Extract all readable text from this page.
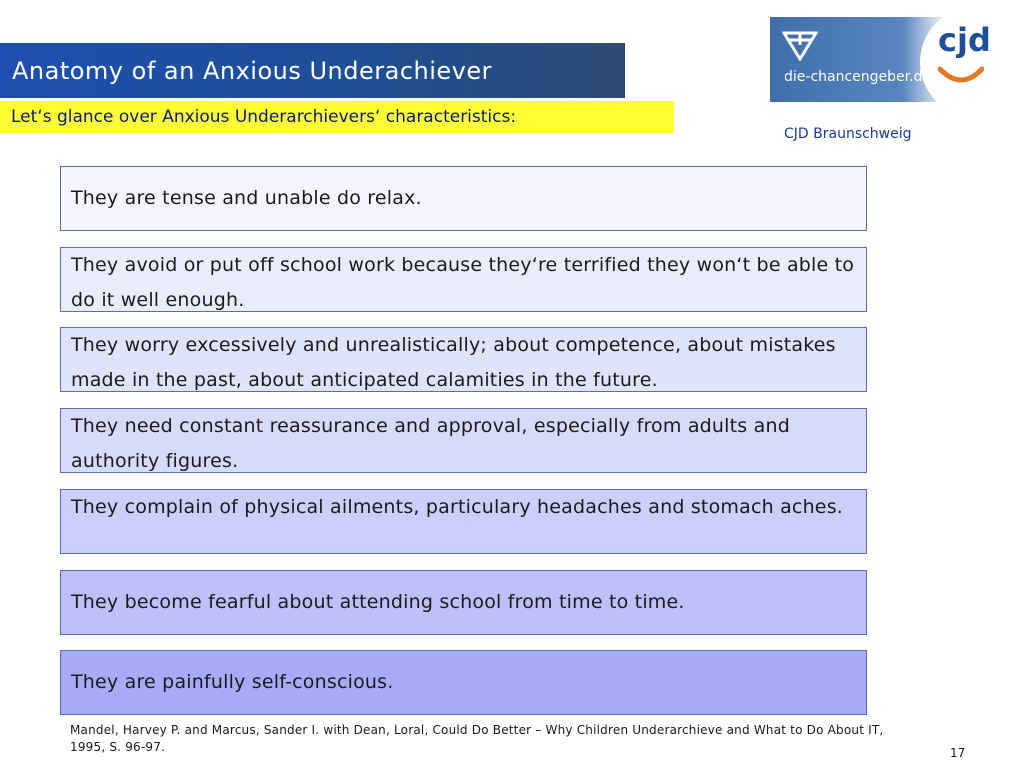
Anatomy of an Anxious Underachiever
Let‘s glance over Anxious Underarchievers‘ characteristics:
die-chancengeber.de
cjd
CJD Braunschweig
They are tense and unable do relax.
They avoid or put off school work because they‘re terrified they won‘t be able to do it well enough.
They worry excessively and unrealistically; about competence, about mistakes made in the past, about anticipated calamities in the future.
They need constant reassurance and approval, especially from adults and authority figures.
They complain of physical ailments, particulary headaches and stomach aches.
They become fearful about attending school from time to time.
They are painfully self-conscious.
Mandel, Harvey P. and Marcus, Sander I. with Dean, Loral, Could Do Better – Why Children Underarchieve and What to Do About IT, 1995, S. 96-97.	17
